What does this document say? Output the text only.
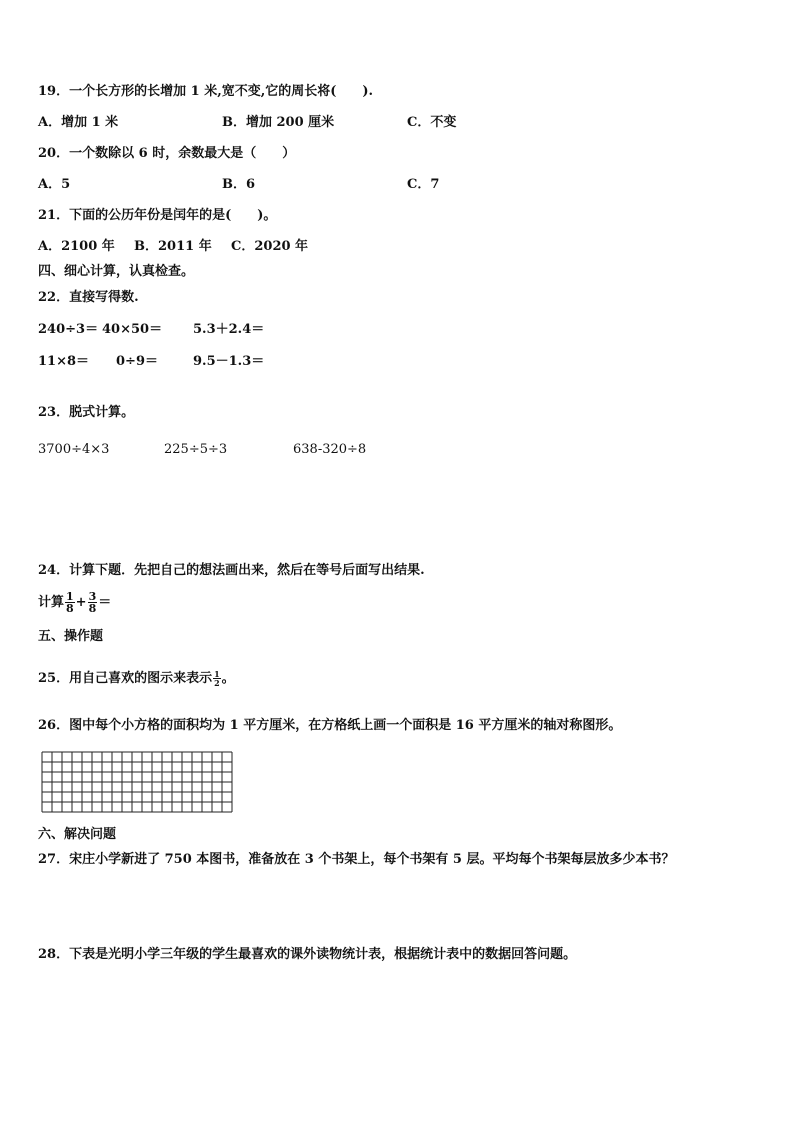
19．一个长方形的长增加 1 米,宽不变,它的周长将(　　).
A．增加 1 米	B．增加 200 厘米	C．不变
20．一个数除以 6 时，余数最大是（　　）
A．5	B．6	C．7
21．下面的公历年份是闰年的是(　　)。
A．2100 年 B．2011 年 C．2020 年
四、细心计算，认真检查。
22．直接写得数.
240÷3＝ 40×50＝ 5.3＋2.4＝
11×8＝ 0÷9＝	9.5－1.3＝
23．脱式计算。
3700÷4×3	225÷5÷3	638-320÷8
24．计算下题．先把自己的想法画出来，然后在等号后面写出结果.
计算 $\frac{1}{8} + \frac{3}{8}$ ＝
五、操作题
25．用自己喜欢的图示来表示 $\frac{1}{2}$ 。
26．图中每个小方格的面积均为 1 平方厘米，在方格纸上画一个面积是 16 平方厘米的轴对称图形。
六、解决问题
27．宋庄小学新进了 750 本图书，准备放在 3 个书架上，每个书架有 5 层。平均每个书架每层放多少本书？
28．下表是光明小学三年级的学生最喜欢的课外读物统计表，根据统计表中的数据回答问题。
